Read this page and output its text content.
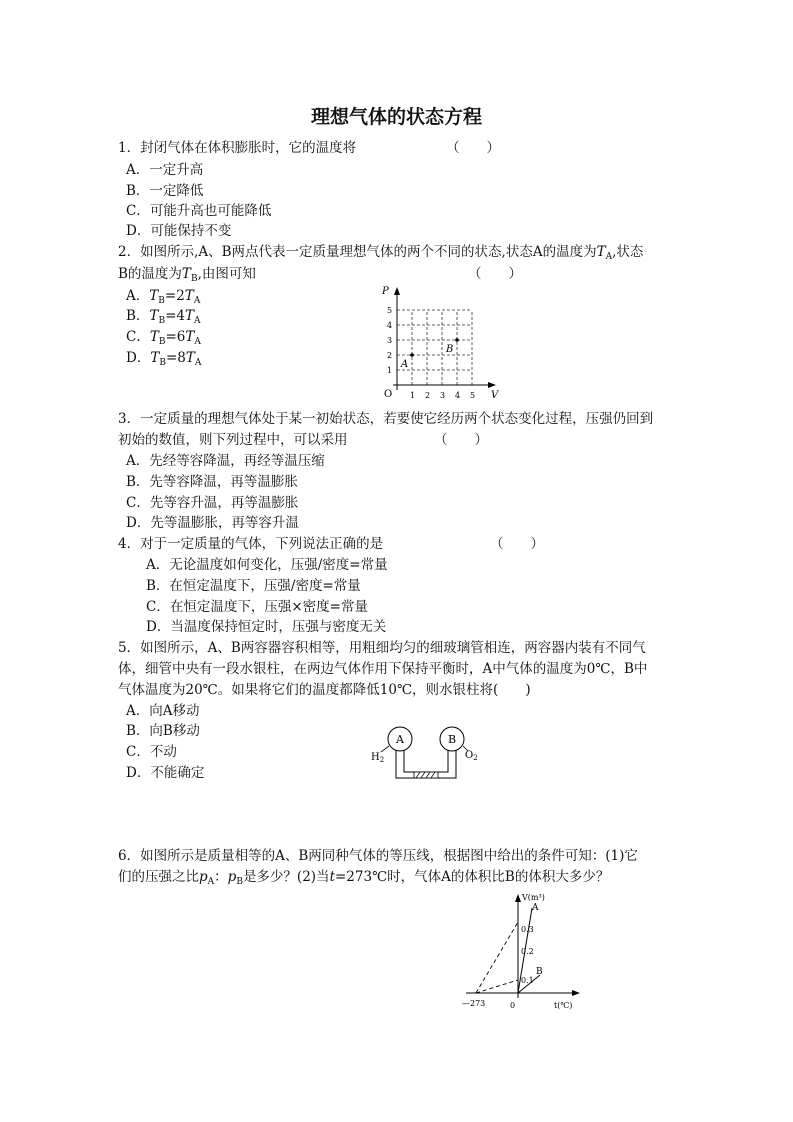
理想气体的状态方程
1．封闭气体在体积膨胀时，它的温度将	（　　）
A．一定升高
B．一定降低
C．可能升高也可能降低
D．可能保持不变
2．如图所示,A、B两点代表一定质量理想气体的两个不同的状态,状态A的温度为$T_A$,状态
B的温度为$T_B$,由图可知	（　　）
A．$T_B=2T_A$
B．$T_B=4T_A$
C．$T_B=6T_A$
D．$T_B=8T_A$
P
V
O
1
2
3
4
5
1 2 3 4 5
A
B
3．一定质量的理想气体处于某一初始状态，若要使它经历两个状态变化过程，压强仍回到
初始的数值，则下列过程中，可以采用	（　　）
A．先经等容降温，再经等温压缩
B．先等容降温，再等温膨胀
C．先等容升温，再等温膨胀
D．先等温膨胀，再等容升温
4．对于一定质量的气体，下列说法正确的是	（　　）
A．无论温度如何变化，压强/密度=常量
B．在恒定温度下，压强/密度=常量
C．在恒定温度下，压强×密度=常量
D．当温度保持恒定时，压强与密度无关
5．如图所示，A、B两容器容积相等，用粗细均匀的细玻璃管相连，两容器内装有不同气
体，细管中央有一段水银柱，在两边气体作用下保持平衡时，A中气体的温度为0℃，B中
气体温度为20℃。如果将它们的温度都降低10℃，则水银柱将(　　)
A．向A移动
B．向B移动
C．不动
D．不能确定
A	B
$H_2$	$O_2$
6．如图所示是质量相等的A、B两同种气体的等压线，根据图中给出的条件可知：(1)它
们的压强之比$p_A$：$p_B$是多少？(2)当t=273℃时，气体A的体积比B的体积大多少？
V(m³)
A
B
0.3
0.2
0.1
—273	0	t(℃)
